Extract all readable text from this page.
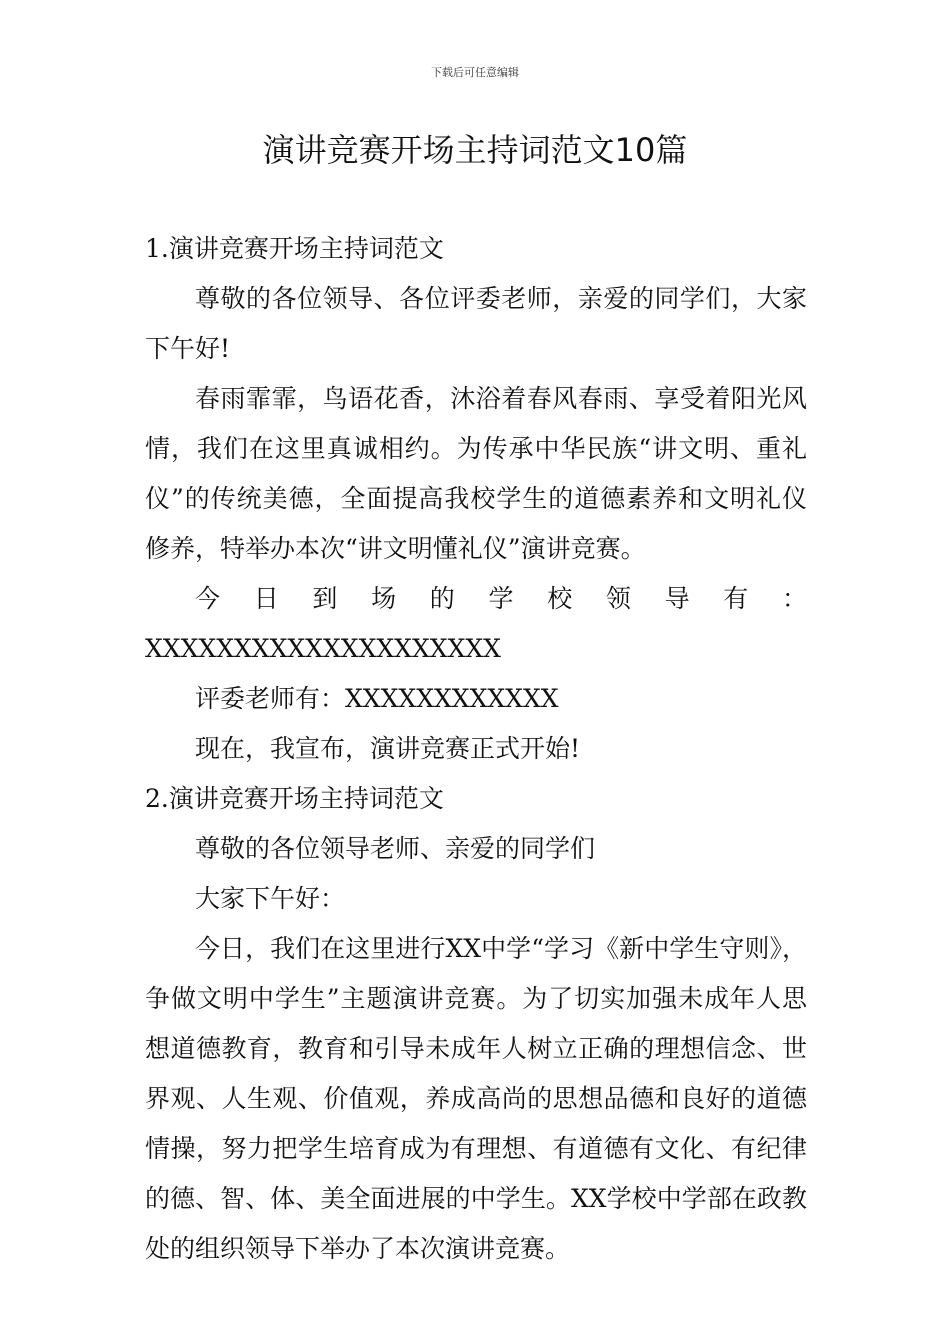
下载后可任意编辑
演讲竞赛开场主持词范文10篇

1.演讲竞赛开场主持词范文

尊敬的各位领导、各位评委老师，亲爱的同学们，大家下午好!

春雨霏霏，鸟语花香，沐浴着春风春雨、享受着阳光风情，我们在这里真诚相约。为传承中华民族“讲文明、重礼仪”的传统美德，全面提高我校学生的道德素养和文明礼仪修养，特举办本次“讲文明懂礼仪”演讲竞赛。

今日到场的学校领导有：XXXXXXXXXXXXXXXXXXXX

评委老师有：XXXXXXXXXXXX

现在，我宣布，演讲竞赛正式开始!

2.演讲竞赛开场主持词范文

尊敬的各位领导老师、亲爱的同学们

大家下午好：

今日，我们在这里进行XX中学“学习《新中学生守则》，争做文明中学生”主题演讲竞赛。为了切实加强未成年人思想道德教育，教育和引导未成年人树立正确的理想信念、世界观、人生观、价值观，养成高尚的思想品德和良好的道德情操，努力把学生培育成为有理想、有道德有文化、有纪律的德、智、体、美全面进展的中学生。XX学校中学部在政教处的组织领导下举办了本次演讲竞赛。
